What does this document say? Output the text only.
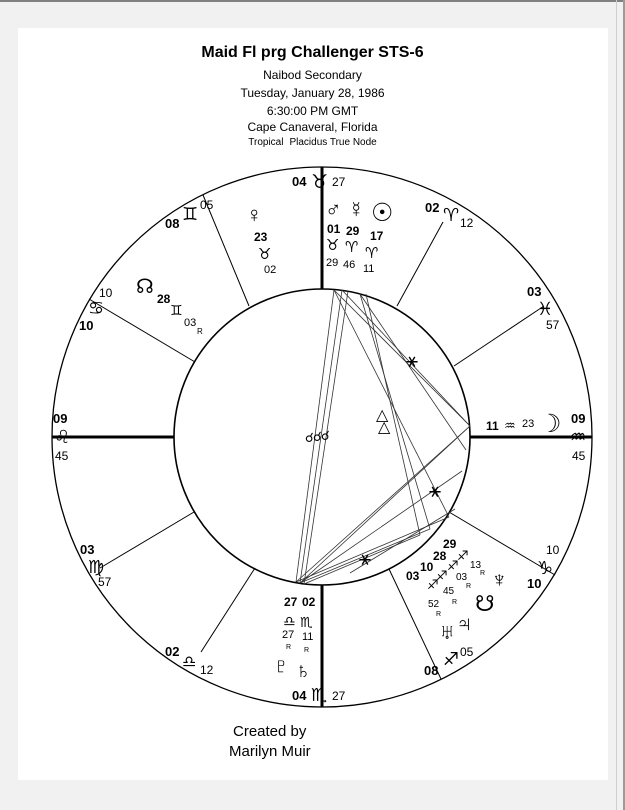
Maid Fl prg Challenger STS-6
Naibod Secondary
Tuesday, January 28, 1986
6:30:00 PM GMT
Cape Canaveral, Florida
Tropical Placidus True Node
⚹
△
△
⚹
⚹
☌ ☌ ☌
04 ♉ 27
02 ♈ 12
03
♓
57
09
♒
45
10
♑
10
05
♐
08
04 ♏ 27
02
♎ 12
03
♍
57
09
♌
45
10
♋
10
08 ♊ 05	♂
01
♉
29
☿
29
♈
46
☉
17
♈
11
♀
23
♉
02
☊
28
♊
03
R
11 ♒ 23 ☽
29
28
10
03
♐
♐
♐
♐
13
R
03
R
45
R
52
R
♆
☋
♃
♅
27 02
♎ ♏
27 11
R R
♇ ♄
Created by
Marilyn Muir
